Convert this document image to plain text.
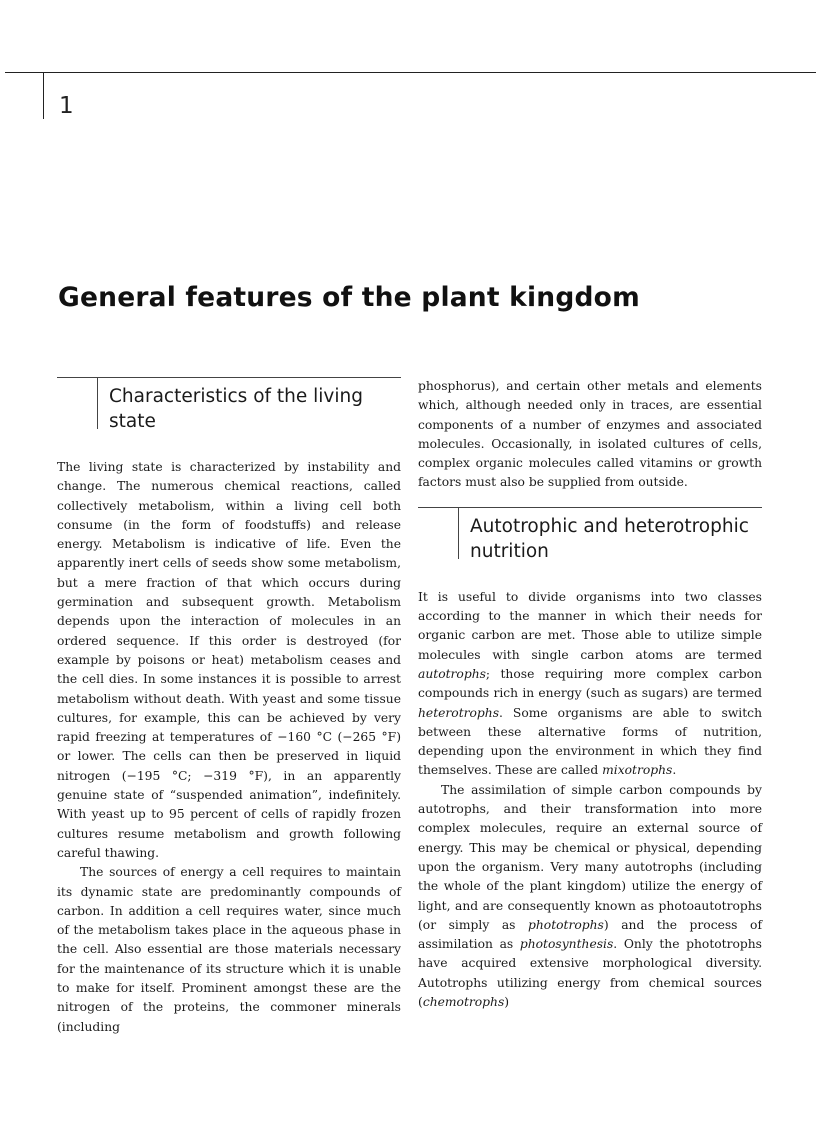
1
General features of the plant kingdom
Characteristics of the living state

The living state is characterized by instability and change. The numerous chemical reactions, called collectively metabolism, within a living cell both consume (in the form of foodstuffs) and release energy. Metabolism is indicative of life. Even the apparently inert cells of seeds show some metabolism, but a mere fraction of that which occurs during germination and subsequent growth. Metabolism depends upon the interaction of molecules in an ordered sequence. If this order is destroyed (for example by poisons or heat) metabolism ceases and the cell dies. In some instances it is possible to arrest metabolism without death. With yeast and some tissue cultures, for example, this can be achieved by very rapid freezing at temperatures of −160 °C (−265 °F) or lower. The cells can then be preserved in liquid nitrogen (−195 °C; −319 °F), in an apparently genuine state of “suspended animation”, indefinitely. With yeast up to 95 percent of cells of rapidly frozen cultures resume metabolism and growth following careful thawing.

The sources of energy a cell requires to maintain its dynamic state are predominantly compounds of carbon. In addition a cell requires water, since much of the metabolism takes place in the aqueous phase in the cell. Also essential are those materials necessary for the maintenance of its structure which it is unable to make for itself. Prominent amongst these are the nitrogen of the proteins, the commoner minerals (including

phosphorus), and certain other metals and elements which, although needed only in traces, are essential components of a number of enzymes and associated molecules. Occasionally, in isolated cultures of cells, complex organic molecules called vitamins or growth factors must also be supplied from outside.

Autotrophic and heterotrophic nutrition

It is useful to divide organisms into two classes according to the manner in which their needs for organic carbon are met. Those able to utilize simple molecules with single carbon atoms are termed autotrophs; those requiring more complex carbon compounds rich in energy (such as sugars) are termed heterotrophs. Some organisms are able to switch between these alternative forms of nutrition, depending upon the environment in which they find themselves. These are called mixotrophs.

The assimilation of simple carbon compounds by autotrophs, and their transformation into more complex molecules, require an external source of energy. This may be chemical or physical, depending upon the organism. Very many autotrophs (including the whole of the plant kingdom) utilize the energy of light, and are consequently known as photoautotrophs (or simply as phototrophs) and the process of assimilation as photosynthesis. Only the phototrophs have acquired extensive morphological diversity. Autotrophs utilizing energy from chemical sources (chemotrophs)
